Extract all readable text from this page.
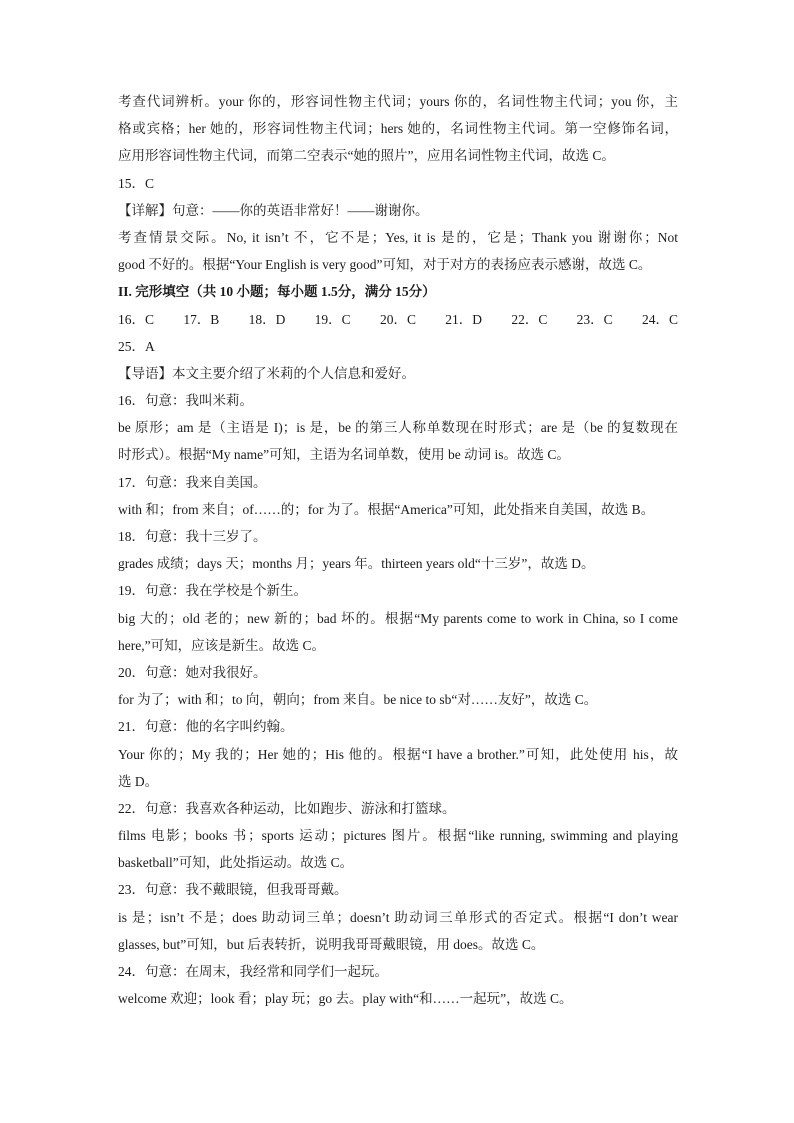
考查代词辨析。your 你的，形容词性物主代词；yours 你的，名词性物主代词；you 你，主
格或宾格；her 她的，形容词性物主代词；hers 她的，名词性物主代词。第一空修饰名词，
应用形容词性物主代词，而第二空表示“她的照片”，应用名词性物主代词，故选 C。
15．C
【详解】句意：——你的英语非常好！——谢谢你。
考查情景交际。No, it isn’t 不，它不是；Yes, it is 是的，它是；Thank you 谢谢你；Not
good 不好的。根据“Your English is very good”可知，对于对方的表扬应表示感谢，故选 C。
II. 完形填空（共 10 小题；每小题 1.5分，满分 15分）
16．C 17．B 18．D 19．C 20．C 21．D 22．C 23．C 24．C
25．A
【导语】本文主要介绍了米莉的个人信息和爱好。
16．句意：我叫米莉。
be 原形；am 是（主语是 I)；is 是，be 的第三人称单数现在时形式；are 是（be 的复数现在
时形式）。根据“My name”可知，主语为名词单数，使用 be 动词 is。故选 C。
17．句意：我来自美国。
with 和；from 来自；of……的；for 为了。根据“America”可知，此处指来自美国，故选 B。
18．句意：我十三岁了。
grades 成绩；days 天；months 月；years 年。thirteen years old“十三岁”，故选 D。
19．句意：我在学校是个新生。
big 大的；old 老的；new 新的；bad 坏的。根据“My parents come to work in China, so I come
here,”可知，应该是新生。故选 C。
20．句意：她对我很好。
for 为了；with 和；to 向，朝向；from 来自。be nice to sb“对……友好”，故选 C。
21．句意：他的名字叫约翰。
Your 你的；My 我的；Her 她的；His 他的。根据“I have a brother.”可知，此处使用 his，故
选 D。
22．句意：我喜欢各种运动，比如跑步、游泳和打篮球。
films 电影；books 书；sports 运动；pictures 图片。根据“like running, swimming and playing
basketball”可知，此处指运动。故选 C。
23．句意：我不戴眼镜，但我哥哥戴。
is 是；isn’t 不是；does 助动词三单；doesn’t 助动词三单形式的否定式。根据“I don’t wear
glasses, but”可知，but 后表转折，说明我哥哥戴眼镜，用 does。故选 C。
24．句意：在周末，我经常和同学们一起玩。
welcome 欢迎；look 看；play 玩；go 去。play with“和……一起玩”，故选 C。
